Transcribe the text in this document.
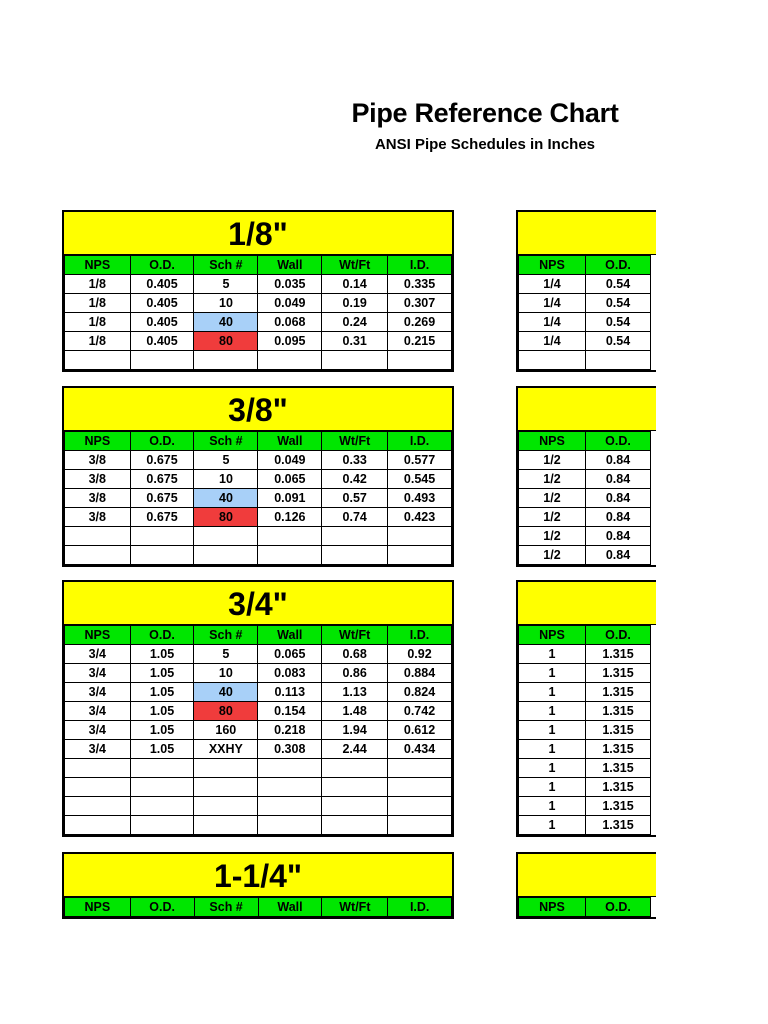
Pipe Reference Chart
ANSI Pipe Schedules in Inches
1/8"
NPS	O.D.	Sch #	Wall	Wt/Ft	I.D.
1/8	0.405	5	0.035	0.14	0.335
1/8	0.405	10	0.049	0.19	0.307
1/8	0.405	40	0.068	0.24	0.269
1/8	0.405	80	0.095	0.31	0.215

3/8"
NPS	O.D.	Sch #	Wall	Wt/Ft	I.D.
3/8	0.675	5	0.049	0.33	0.577
3/8	0.675	10	0.065	0.42	0.545
3/8	0.675	40	0.091	0.57	0.493
3/8	0.675	80	0.126	0.74	0.423

3/4"
NPS	O.D.	Sch #	Wall	Wt/Ft	I.D.
3/4	1.05	5	0.065	0.68	0.92
3/4	1.05	10	0.083	0.86	0.884
3/4	1.05	40	0.113	1.13	0.824
3/4	1.05	80	0.154	1.48	0.742
3/4	1.05	160	0.218	1.94	0.612
3/4	1.05	XXHY	0.308	2.44	0.434

1-1/4"
NPS	O.D.	Sch #	Wall	Wt/Ft	I.D.
NPS	O.D.
1/4	0.54
1/4	0.54
1/4	0.54
1/4	0.54

NPS	O.D.
1/2	0.84
1/2	0.84
1/2	0.84
1/2	0.84
1/2	0.84
1/2	0.84
NPS	O.D.
1	1.315
1	1.315
1	1.315
1	1.315
1	1.315
1	1.315
1	1.315
1	1.315
1	1.315
1	1.315
NPS	O.D.
